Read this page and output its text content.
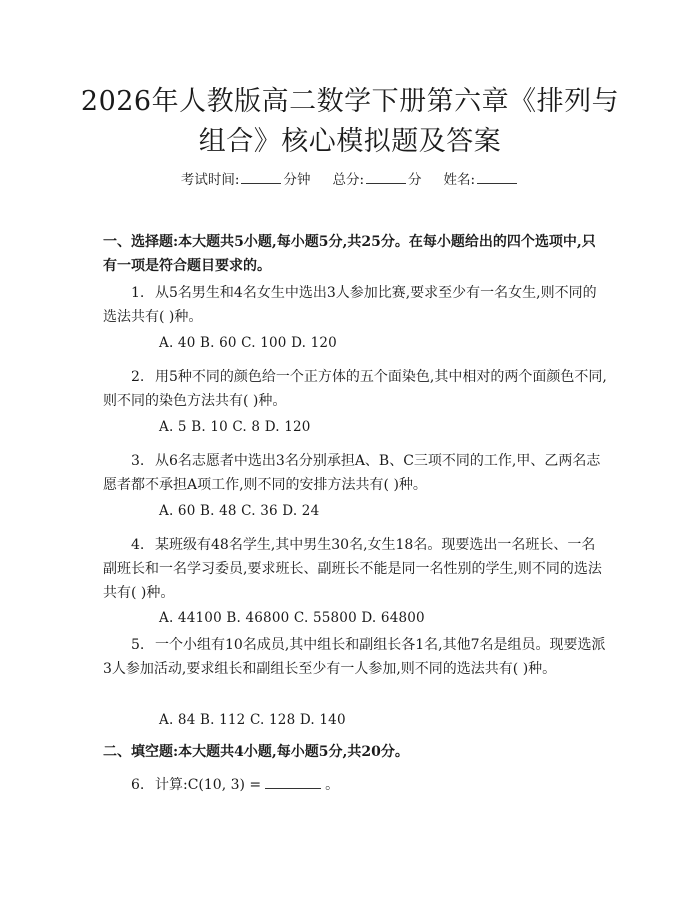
2026年人教版高二数学下册第六章《排列与
组合》核心模拟题及答案
考试时间:	分钟 总分:	分 姓名:
一、选择题:本大题共5小题,每小题5分,共25分。在每小题给出的四个选项中,只有一项是符合题目要求的。
1. 从5名男生和4名女生中选出3人参加比赛,要求至少有一名女生,则不同的选法共有( )种。
A. 40 B. 60 C. 100 D. 120
2. 用5种不同的颜色给一个正方体的五个面染色,其中相对的两个面颜色不同,则不同的染色方法共有( )种。
A. 5 B. 10 C. 8 D. 120
3. 从6名志愿者中选出3名分别承担A、B、C三项不同的工作,甲、乙两名志愿者都不承担A项工作,则不同的安排方法共有( )种。
A. 60 B. 48 C. 36 D. 24
4. 某班级有48名学生,其中男生30名,女生18名。现要选出一名班长、一名副班长和一名学习委员,要求班长、副班长不能是同一名性别的学生,则不同的选法共有( )种。
A. 44100 B. 46800 C. 55800 D. 64800
5. 一个小组有10名成员,其中组长和副组长各1名,其他7名是组员。现要选派3人参加活动,要求组长和副组长至少有一人参加,则不同的选法共有( )种。
A. 84 B. 112 C. 128 D. 140
二、填空题:本大题共4小题,每小题5分,共20分。
6. 计算:C(10, 3) =	。
